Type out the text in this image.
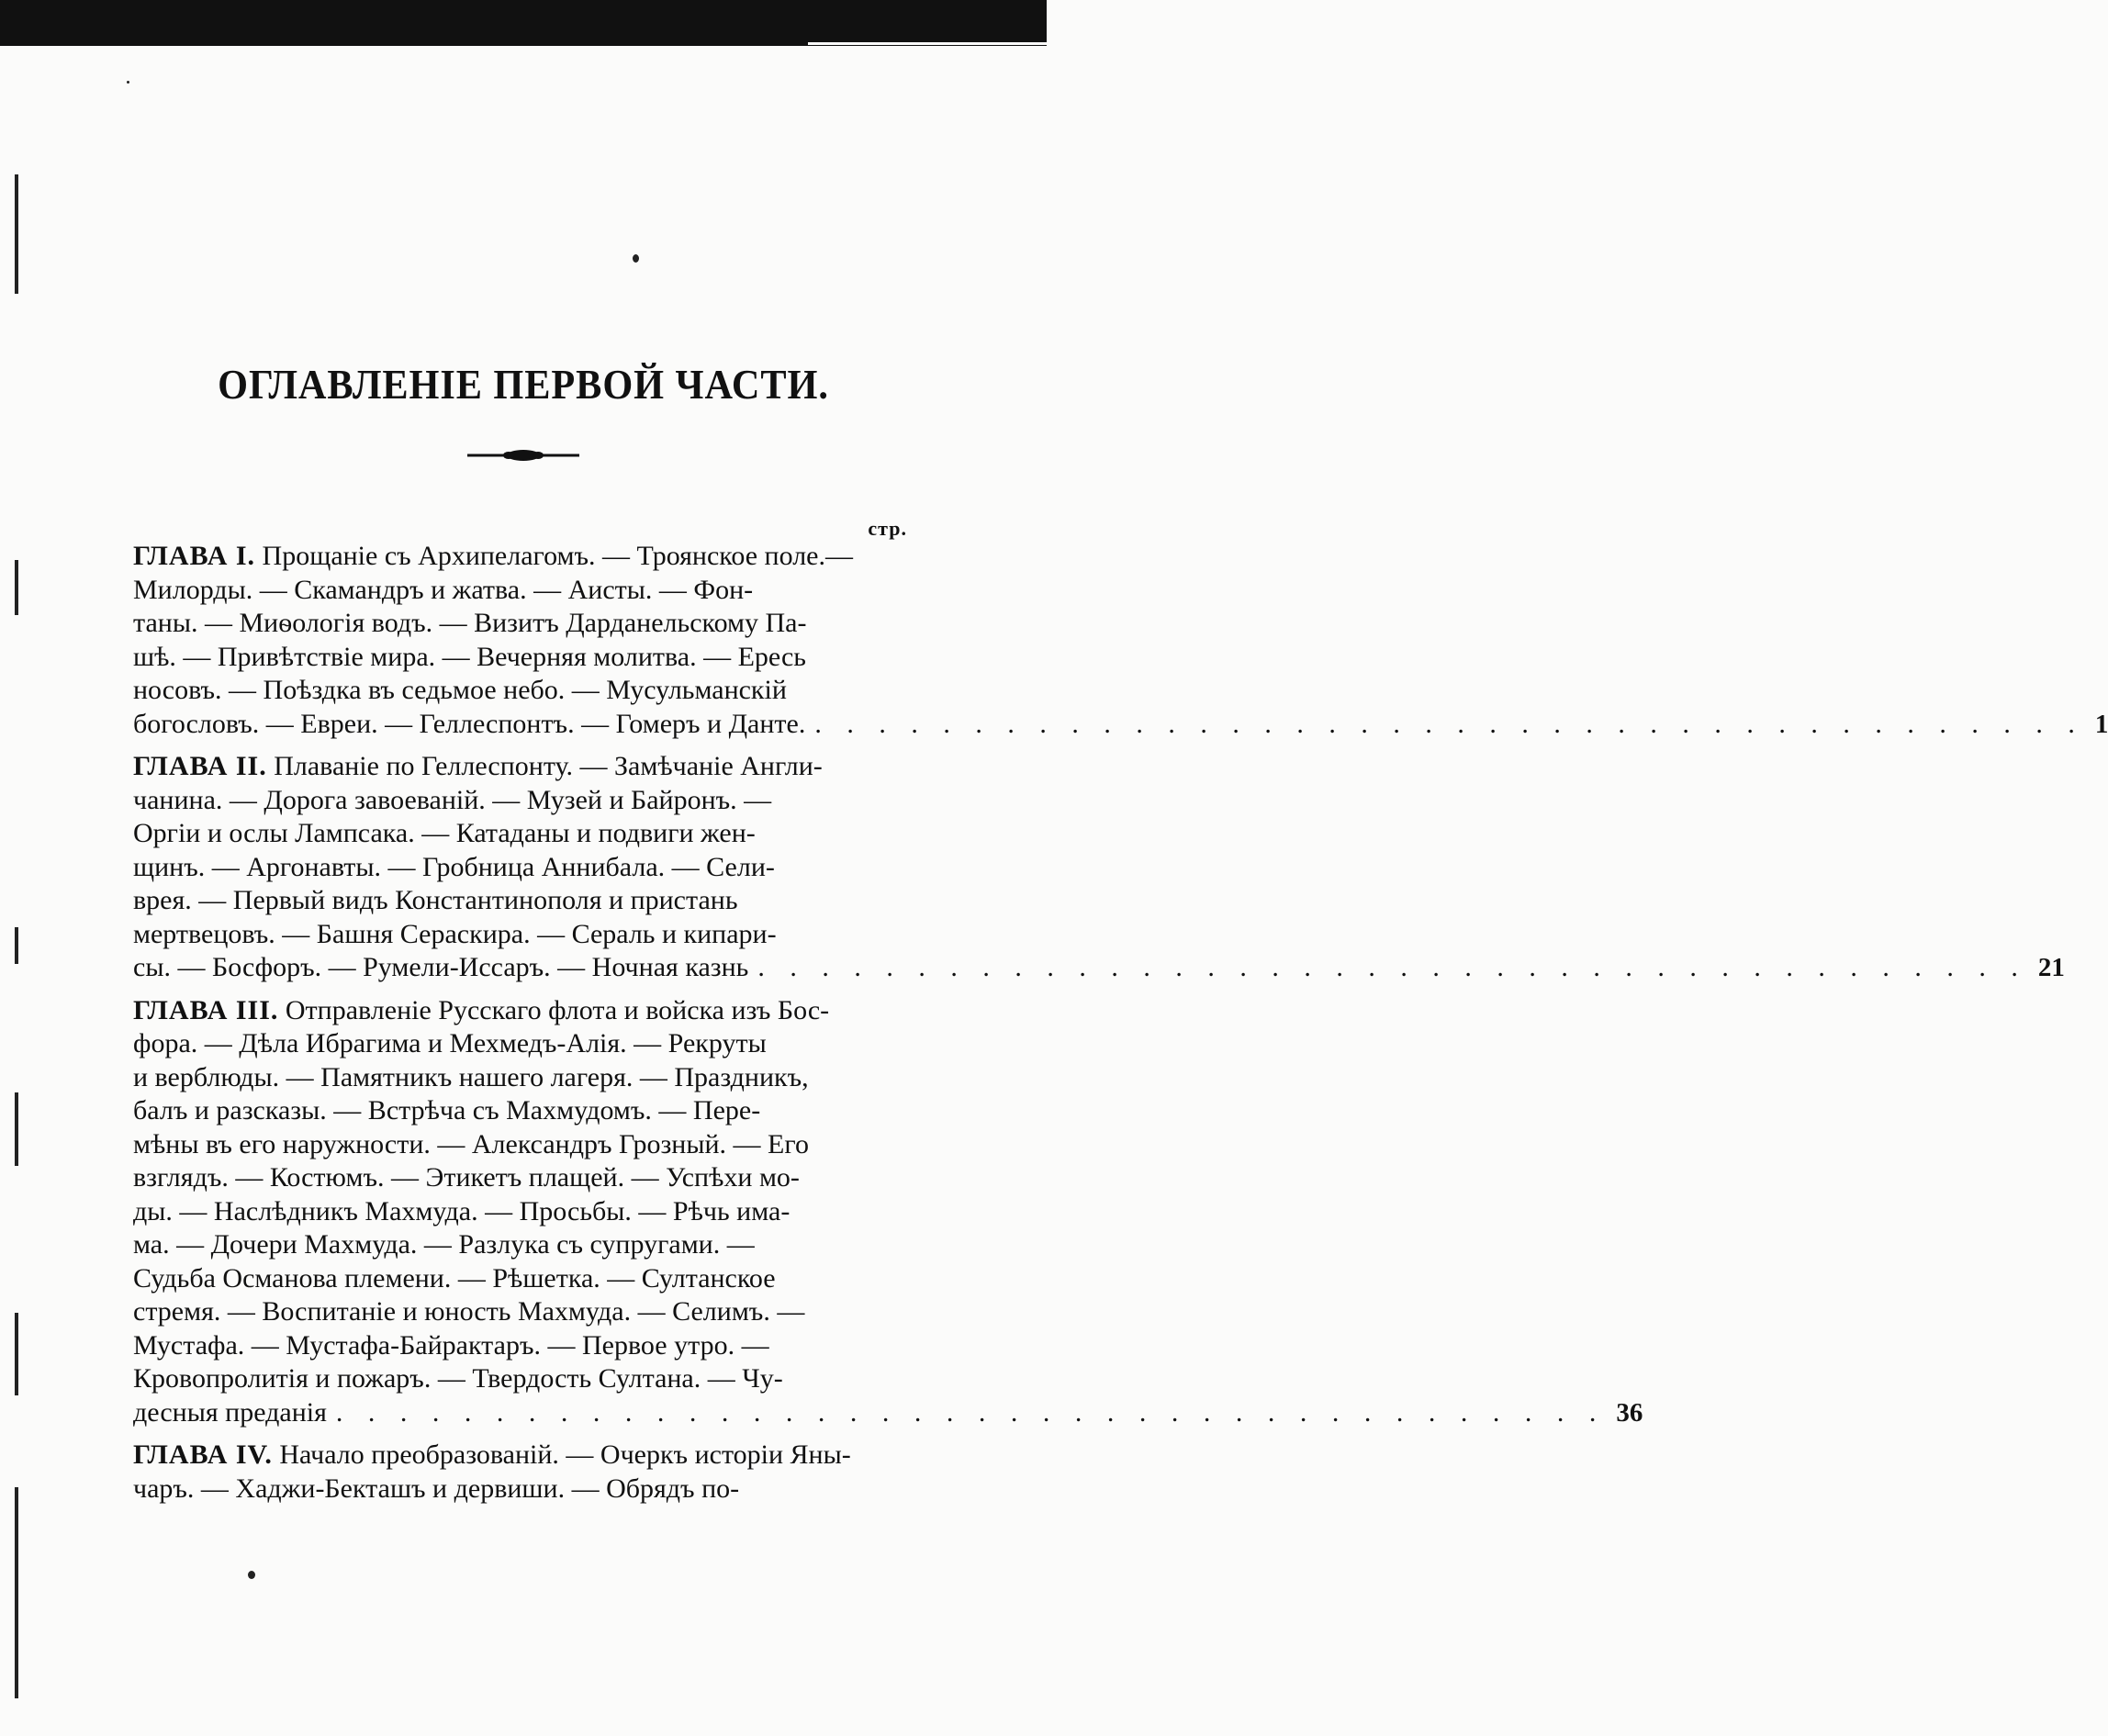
ОГЛАВЛЕНІЕ ПЕРВОЙ ЧАСТИ.
стр.
ГЛАВА I. Прощаніе съ Архипелагомъ. — Троянское поле.—
Милорды. — Скамандръ и жатва. — Аисты. — Фон-
таны. — Миѳологія водъ. — Визитъ Дарданельскому Па-
шѣ. — Привѣтствіе мира. — Вечерняя молитва. — Ересь
носовъ. — Поѣздка въ седьмое небо. — Мусульманскій
богословъ. — Евреи. — Геллеспонтъ. — Гомеръ и Данте. . . . . . . . . . . . . . . . . . . . . . . . . . . . . . . . . . . . . . . . . 1
ГЛАВА II. Плаваніе по Геллеспонту. — Замѣчаніе Англи-
чанина. — Дорога завоеваній. — Музей и Байронъ. —
Оргіи и ослы Лампсака. — Катаданы и подвиги жен-
щинъ. — Аргонавты. — Гробница Аннибала. — Сели-
врея. — Первый видъ Константинополя и пристань
мертвецовъ. — Башня Сераскира. — Сераль и кипари-
сы. — Босфоръ. — Румели-Иссаръ. — Ночная казнь . . . . . . . . . . . . . . . . . . . . . . . . . . . . . . . . . . . . . . . . 21
ГЛАВА III. Отправленіе Русскаго флота и войска изъ Бос-
фора. — Дѣла Ибрагима и Мехмедъ-Алія. — Рекруты
и верблюды. — Памятникъ нашего лагеря. — Праздникъ,
балъ и разсказы. — Встрѣча съ Махмудомъ. — Пере-
мѣны въ его наружности. — Александръ Грозный. — Его
взглядъ. — Костюмъ. — Этикетъ плащей. — Успѣхи мо-
ды. — Наслѣдникъ Махмуда. — Просьбы. — Рѣчь има-
ма. — Дочери Махмуда. — Разлука съ супругами. —
Судьба Османова племени. — Рѣшетка. — Султанское
стремя. — Воспитаніе и юность Махмуда. — Селимъ. —
Мустафа. — Мустафа-Байрактаръ. — Первое утро. —
Кровопролитія и пожаръ. — Твердость Султана. — Чу-
десныя преданія . . . . . . . . . . . . . . . . . . . . . . . . . . . . . . . . . . . . . . . . 36
ГЛАВА IV. Начало преобразованій. — Очеркъ исторіи Яны-
чаръ. — Хаджи-Бекташъ и дервиши. — Обрядъ по-
